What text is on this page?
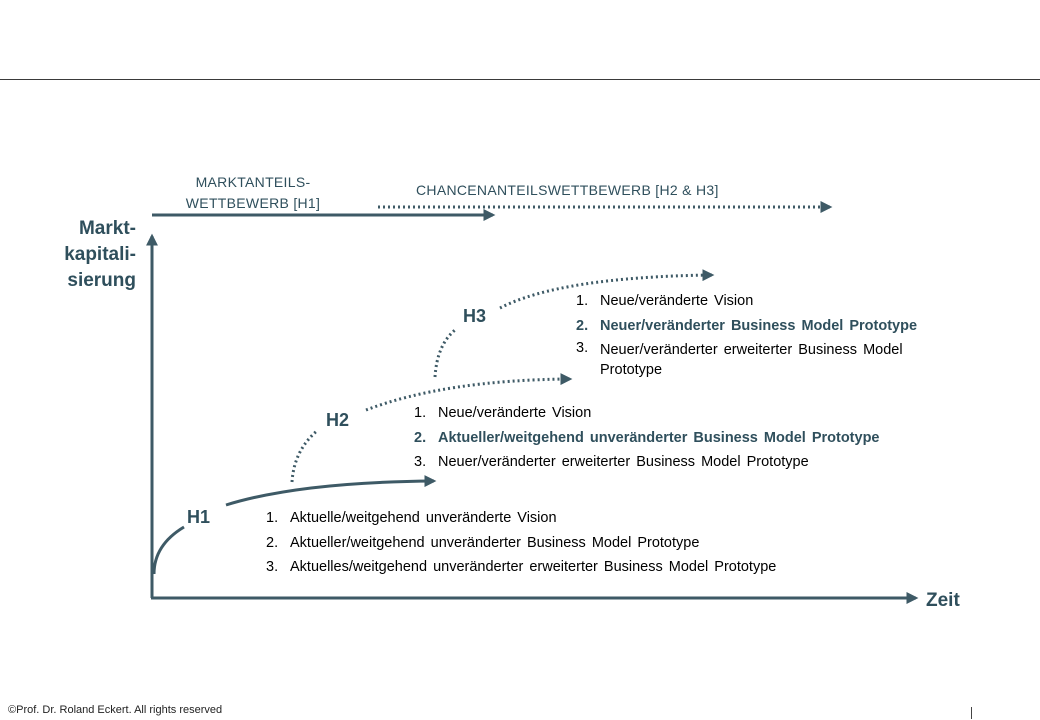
MARKTANTEILS-
WETTBEWERB [H1]
CHANCENANTEILSWETTBEWERB [H2 & H3]
Markt-
kapitali-
sierung
Zeit
H1
H2
H3
1. Aktuelle/weitgehend unveränderte Vision
2. Aktueller/weitgehend unveränderter Business Model Prototype
3. Aktuelles/weitgehend unveränderter erweiterter Business Model Prototype
1. Neue/veränderte Vision
2. Aktueller/weitgehend unveränderter Business Model Prototype
3. Neuer/veränderter erweiterter Business Model Prototype
1. Neue/veränderte Vision
2. Neuer/veränderter Business Model Prototype
3. Neuer/veränderter erweiterter Business Model
Prototype
©Prof. Dr. Roland Eckert. All rights reserved
